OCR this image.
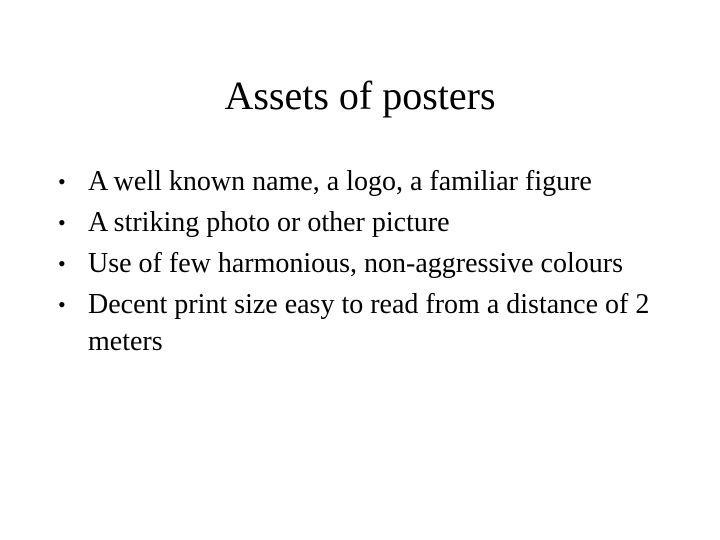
Assets of posters
• A well known name, a logo, a familiar figure
• A striking photo or other picture
• Use of few harmonious, non-aggressive colours
• Decent print size easy to read from a distance of 2 meters
